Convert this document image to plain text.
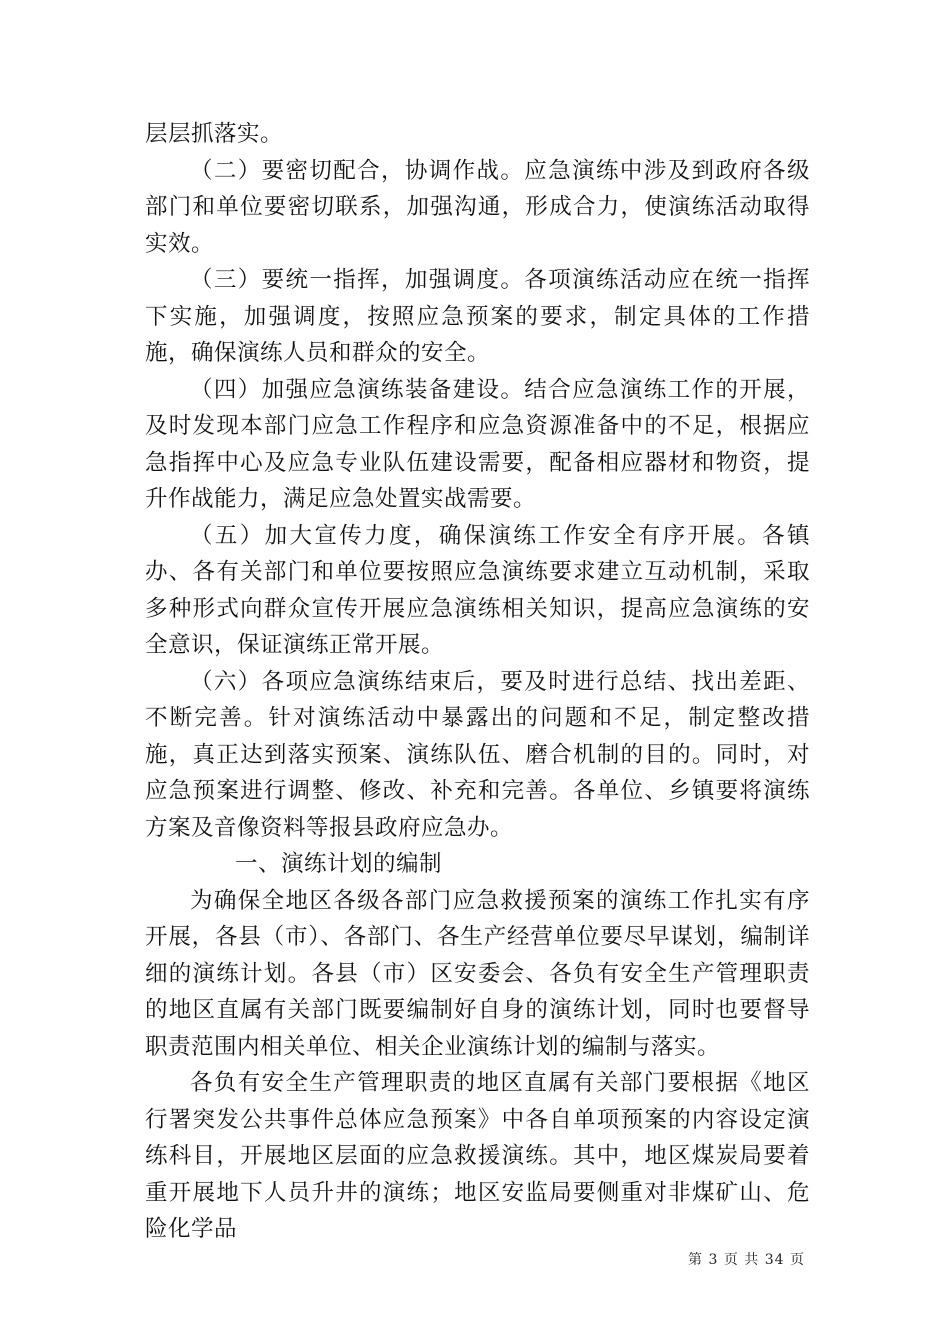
层层抓落实。

（二）要密切配合，协调作战。应急演练中涉及到政府各级部门和单位要密切联系，加强沟通，形成合力，使演练活动取得实效。

（三）要统一指挥，加强调度。各项演练活动应在统一指挥下实施，加强调度，按照应急预案的要求，制定具体的工作措施，确保演练人员和群众的安全。

（四）加强应急演练装备建设。结合应急演练工作的开展，及时发现本部门应急工作程序和应急资源准备中的不足，根据应急指挥中心及应急专业队伍建设需要，配备相应器材和物资，提升作战能力，满足应急处置实战需要。

（五）加大宣传力度，确保演练工作安全有序开展。各镇办、各有关部门和单位要按照应急演练要求建立互动机制，采取多种形式向群众宣传开展应急演练相关知识，提高应急演练的安全意识，保证演练正常开展。

（六）各项应急演练结束后，要及时进行总结、找出差距、不断完善。针对演练活动中暴露出的问题和不足，制定整改措施，真正达到落实预案、演练队伍、磨合机制的目的。同时，对应急预案进行调整、修改、补充和完善。各单位、乡镇要将演练方案及音像资料等报县政府应急办。

一、演练计划的编制

为确保全地区各级各部门应急救援预案的演练工作扎实有序开展，各县（市）、各部门、各生产经营单位要尽早谋划，编制详细的演练计划。各县（市）区安委会、各负有安全生产管理职责的地区直属有关部门既要编制好自身的演练计划，同时也要督导职责范围内相关单位、相关企业演练计划的编制与落实。

各负有安全生产管理职责的地区直属有关部门要根据《地区行署突发公共事件总体应急预案》中各自单项预案的内容设定演练科目，开展地区层面的应急救援演练。其中，地区煤炭局要着重开展地下人员升井的演练；地区安监局要侧重对非煤矿山、危险化学品

第 3 页 共 34 页
